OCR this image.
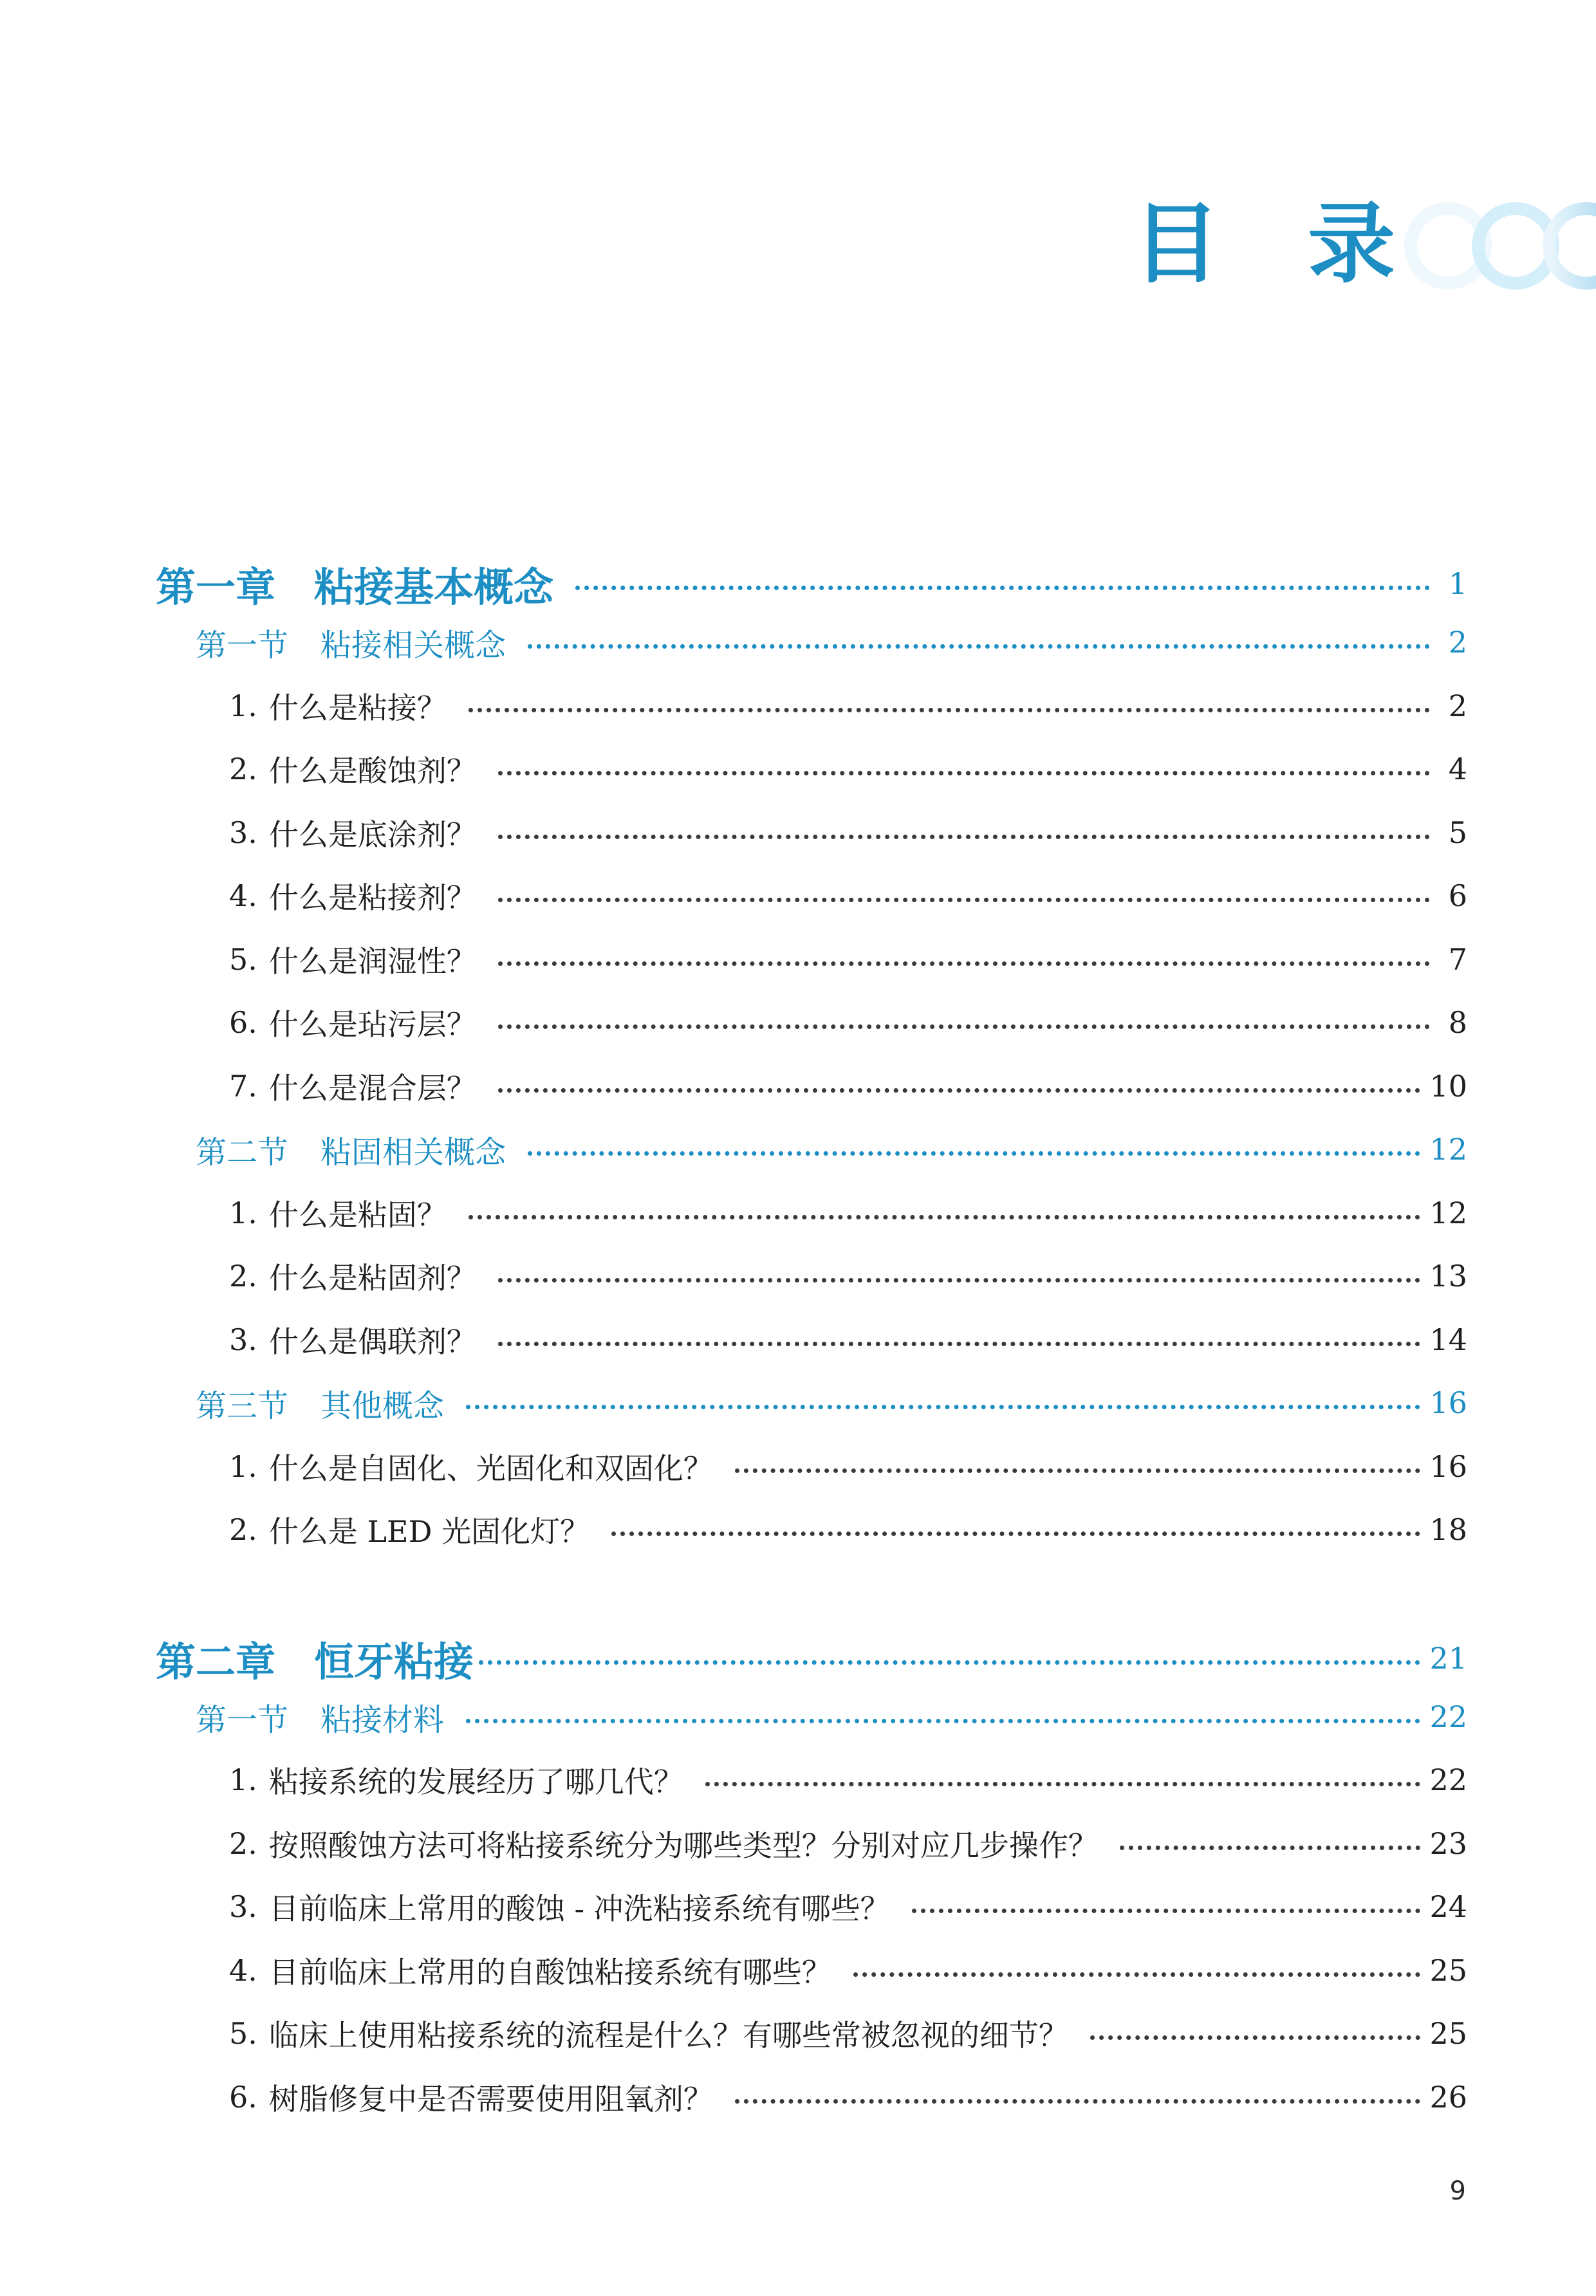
目　录
第一章 粘接基本概念	1
第一节 粘接相关概念	2
1. 什么是粘接？	2
2. 什么是酸蚀剂？	4
3. 什么是底涂剂？	5
4. 什么是粘接剂？	6
5. 什么是润湿性？	7
6. 什么是玷污层？	8
7. 什么是混合层？	10
第二节 粘固相关概念	12
1. 什么是粘固？	12
2. 什么是粘固剂？	13
3. 什么是偶联剂？	14
第三节 其他概念	16
1. 什么是自固化、光固化和双固化？	16
2. 什么是 LED 光固化灯？	18
第二章 恒牙粘接	21
第一节 粘接材料	22
1. 粘接系统的发展经历了哪几代？	22
2. 按照酸蚀方法可将粘接系统分为哪些类型？分别对应几步操作？	23
3. 目前临床上常用的酸蚀 - 冲洗粘接系统有哪些？	24
4. 目前临床上常用的自酸蚀粘接系统有哪些？	25
5. 临床上使用粘接系统的流程是什么？有哪些常被忽视的细节？	25
6. 树脂修复中是否需要使用阻氧剂？	26
9
